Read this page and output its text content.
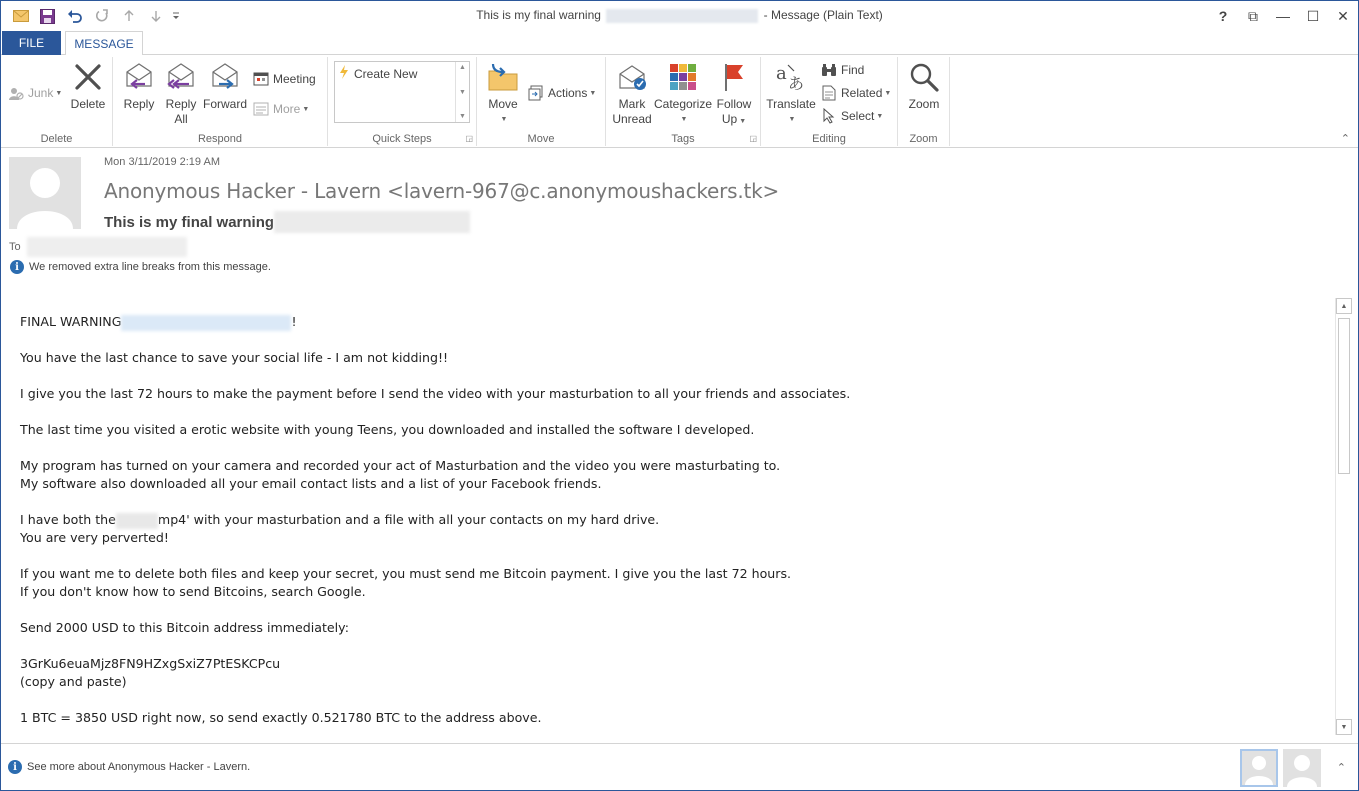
This is my final warning	- Message (Plain Text)	?	⧉	—	☐	✕
FILE	MESSAGE
Junk ▼
Delete
Delete
Reply Reply
All
Forward
Meeting
More ▼
Respond
Create New	▲
▼
▼
Quick Steps	◲
Move
▼
Actions ▼
Move
Mark
Unread
Categorize
▼
Follow
Up ▼
Tags	◲
a あ
Translate
▼
Find
Related ▼
Select ▼
Editing
Zoom
Zoom	⌃
Mon 3/11/2019 2:19 AM
Anonymous Hacker - Lavern <lavern-967@c.anonymoushackers.tk>
This is my final warning
To
i We removed extra line breaks from this message.
FINAL WARNING	!

You have the last chance to save your social life - I am not kidding!!

I give you the last 72 hours to make the payment before I send the video with your masturbation to all your friends and associates.

The last time you visited a erotic website with young Teens, you downloaded and installed the software I developed.

My program has turned on your camera and recorded your act of Masturbation and the video you were masturbating to.
My software also downloaded all your email contact lists and a list of your Facebook friends.

I have both the	mp4' with your masturbation and a file with all your contacts on my hard drive.
You are very perverted!

If you want me to delete both files and keep your secret, you must send me Bitcoin payment. I give you the last 72 hours.
If you don't know how to send Bitcoins, search Google.

Send 2000 USD to this Bitcoin address immediately:

3GrKu6euaMjz8FN9HZxgSxiZ7PtESKCPcu
(copy and paste)

1 BTC = 3850 USD right now, so send exactly 0.521780 BTC to the address above.
▲
▼
i See more about Anonymous Hacker - Lavern.	⌃
